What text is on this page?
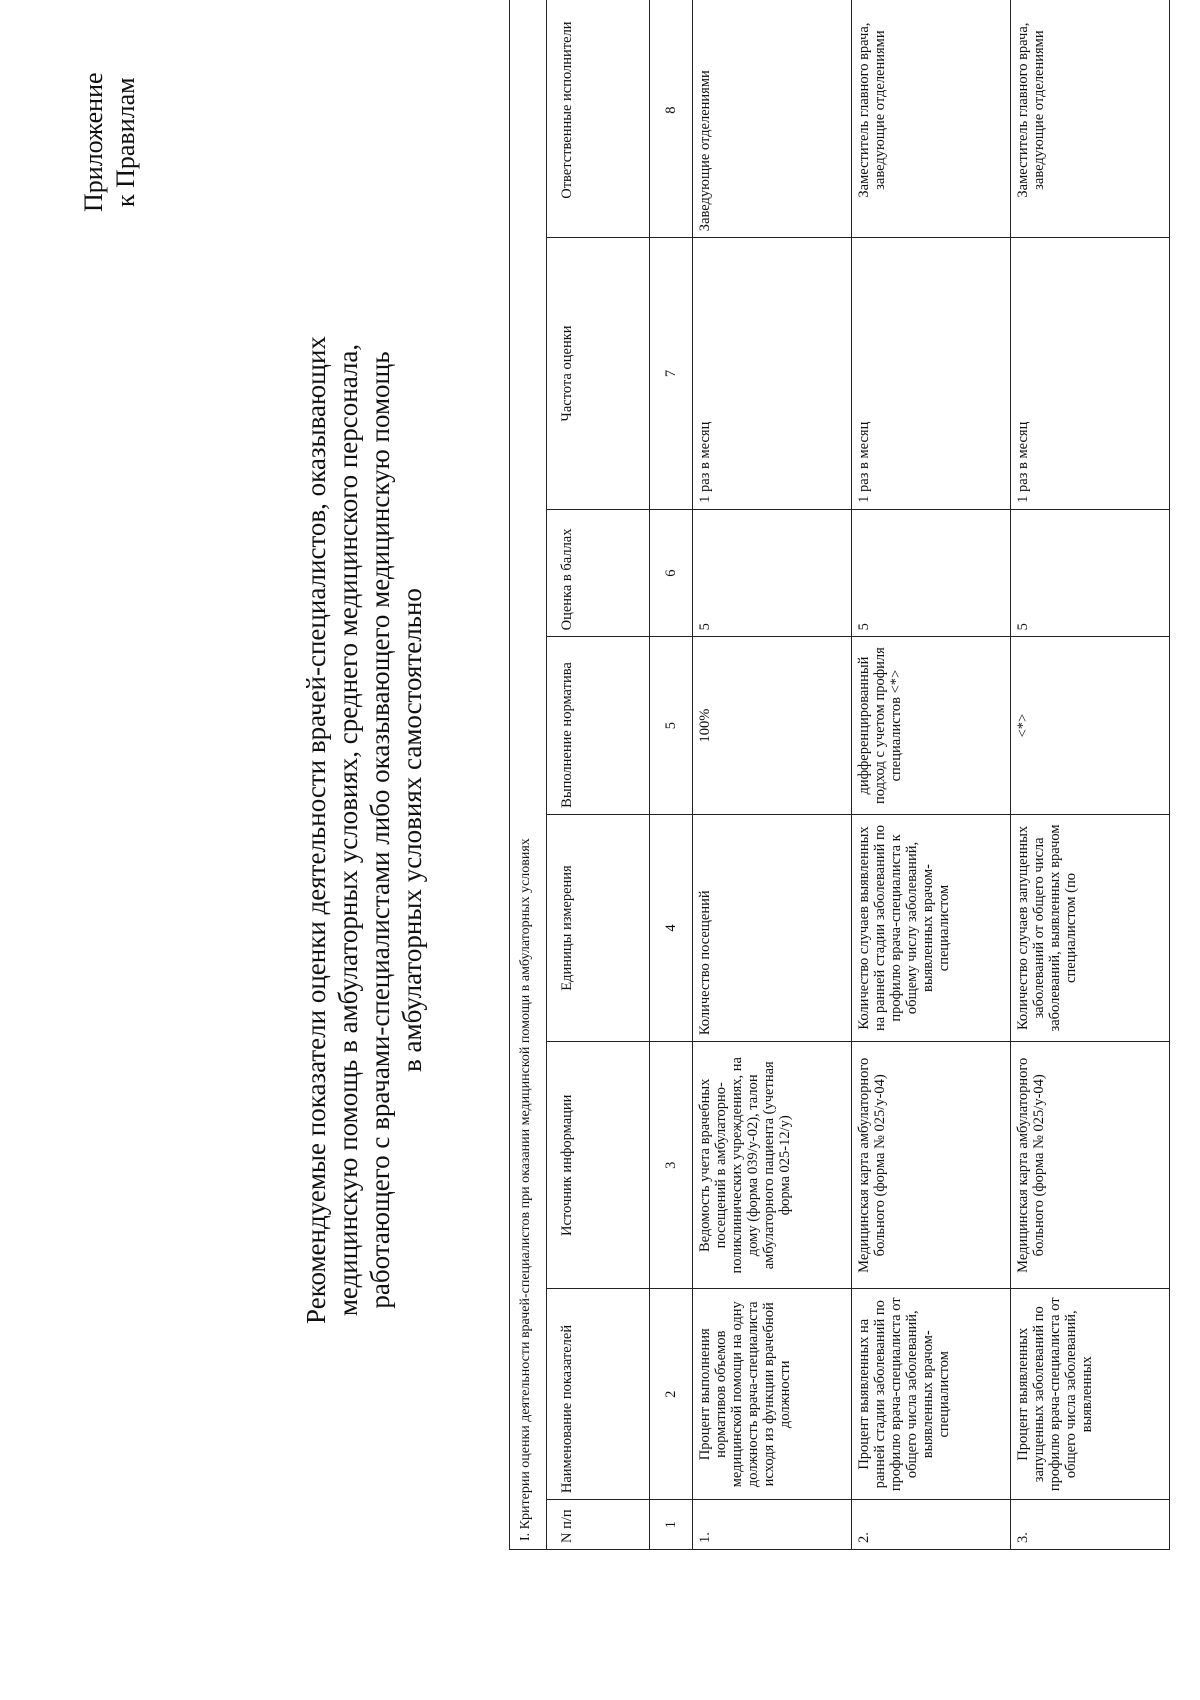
Приложение к Правилам
Рекомендуемые показатели оценки деятельности врачей-специалистов, оказывающих медицинскую помощь в амбулаторных условиях, среднего медицинского персонала, работающего с врачами-специалистами либо оказывающего медицинскую помощь в амбулаторных условиях самостоятельно
I. Критерии оценки деятельности врачей-специалистов при оказании медицинской помощи в амбулаторных условиях							
N п/п	Наименование показателей	Источник информации	Единицы измерения	Выполнение норматива	Оценка в баллах	Частота оценки	Ответственные исполнители
1	2	3	4	5	6	7	8
1.	Процент выполнения нормативов объемов медицинской помощи на одну должность врача-специалиста исходя из функции врачебной должности	Ведомость учета врачебных посещений в амбулаторно-поликлинических учреждениях, на дому (форма 039/у-02), талон амбулаторного пациента (учетная форма 025-12/у)	Количество посещений	100%	5	1 раз в месяц	Заведующие отделениями
2.	Процент выявленных на ранней стадии заболеваний по профилю врача-специалиста от общего числа заболеваний, выявленных врачом-специалистом	Медицинская карта амбулаторного больного (форма № 025/у-04)	Количество случаев выявленных на ранней стадии заболеваний по профилю врача-специалиста к общему числу заболеваний, выявленных врачом-специалистом	дифференцированный подход с учетом профиля специалистов <*>	5	1 раз в месяц	Заместитель главного врача, заведующие отделениями
3.	Процент выявленных запущенных заболеваний по профилю врача-специалиста от общего числа заболеваний, выявленных	Медицинская карта амбулаторного больного (форма № 025/у-04)	Количество случаев запущенных заболеваний от общего числа заболеваний, выявленных врачом специалистом (по	<*>	5	1 раз в месяц	Заместитель главного врача, заведующие отделениями
